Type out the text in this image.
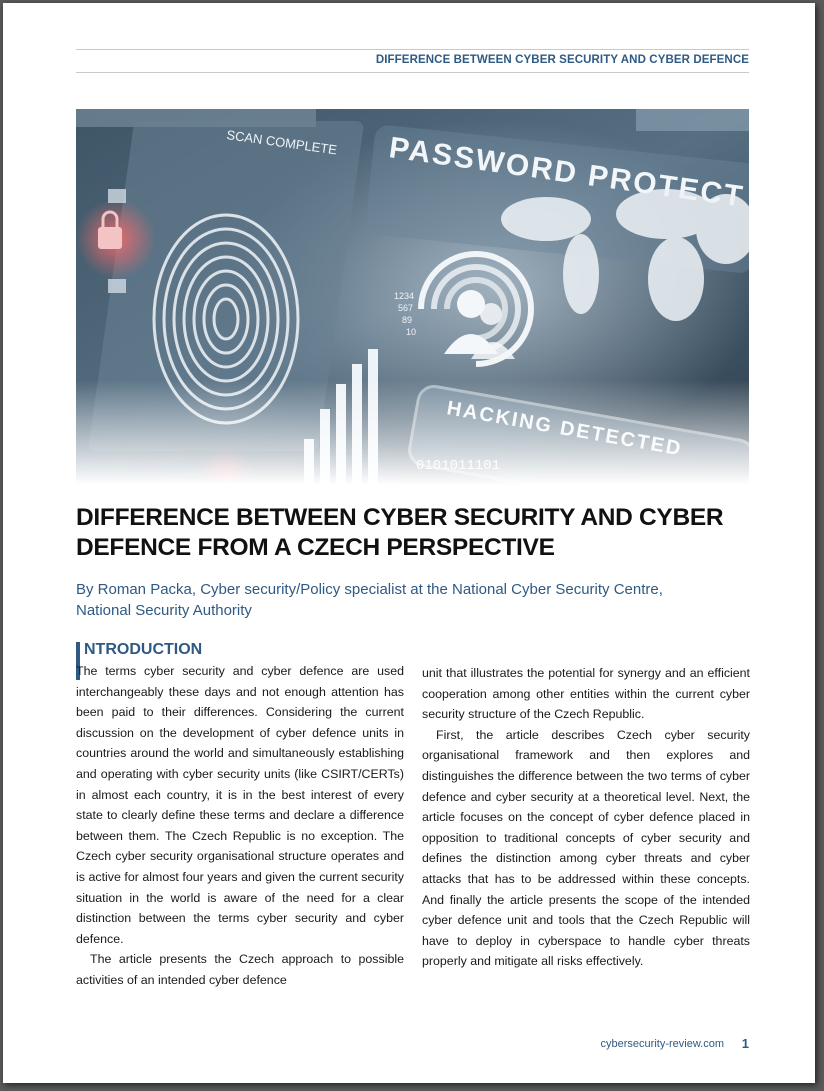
DIFFERENCE BETWEEN CYBER SECURITY AND CYBER DEFENCE
DIFFERENCE BETWEEN CYBER SECURITY AND CYBER
DEFENCE FROM A CZECH PERSPECTIVE

By Roman Packa, Cyber security/Policy specialist at the National Cyber Security Centre,
National Security Authority

NTRODUCTION

The terms cyber security and cyber defence are used interchangeably these days and not enough attention has been paid to their differences. Considering the current discussion on the development of cyber defence units in countries around the world and simultaneously establishing and operating with cyber security units (like CSIRT/CERTs) in almost each country, it is in the best interest of every state to clearly define these terms and declare a difference between them. The Czech Republic is no exception. The Czech cyber security organisational structure operates and is active for almost four years and given the current security situation in the world is aware of the need for a clear distinction between the terms cyber security and cyber defence.

The article presents the Czech approach to possible activities of an intended cyber defence

unit that illustrates the potential for synergy and an efficient cooperation among other entities within the current cyber security structure of the Czech Republic.

First, the article describes Czech cyber security organisational framework and then explores and distinguishes the difference between the two terms of cyber defence and cyber security at a theoretical level. Next, the article focuses on the concept of cyber defence placed in opposition to traditional concepts of cyber security and defines the distinction among cyber threats and cyber attacks that has to be addressed within these concepts. And finally the article presents the scope of the intended cyber defence unit and tools that the Czech Republic will have to deploy in cyberspace to handle cyber threats properly and mitigate all risks effectively.

cybersecurity-review.com 1
